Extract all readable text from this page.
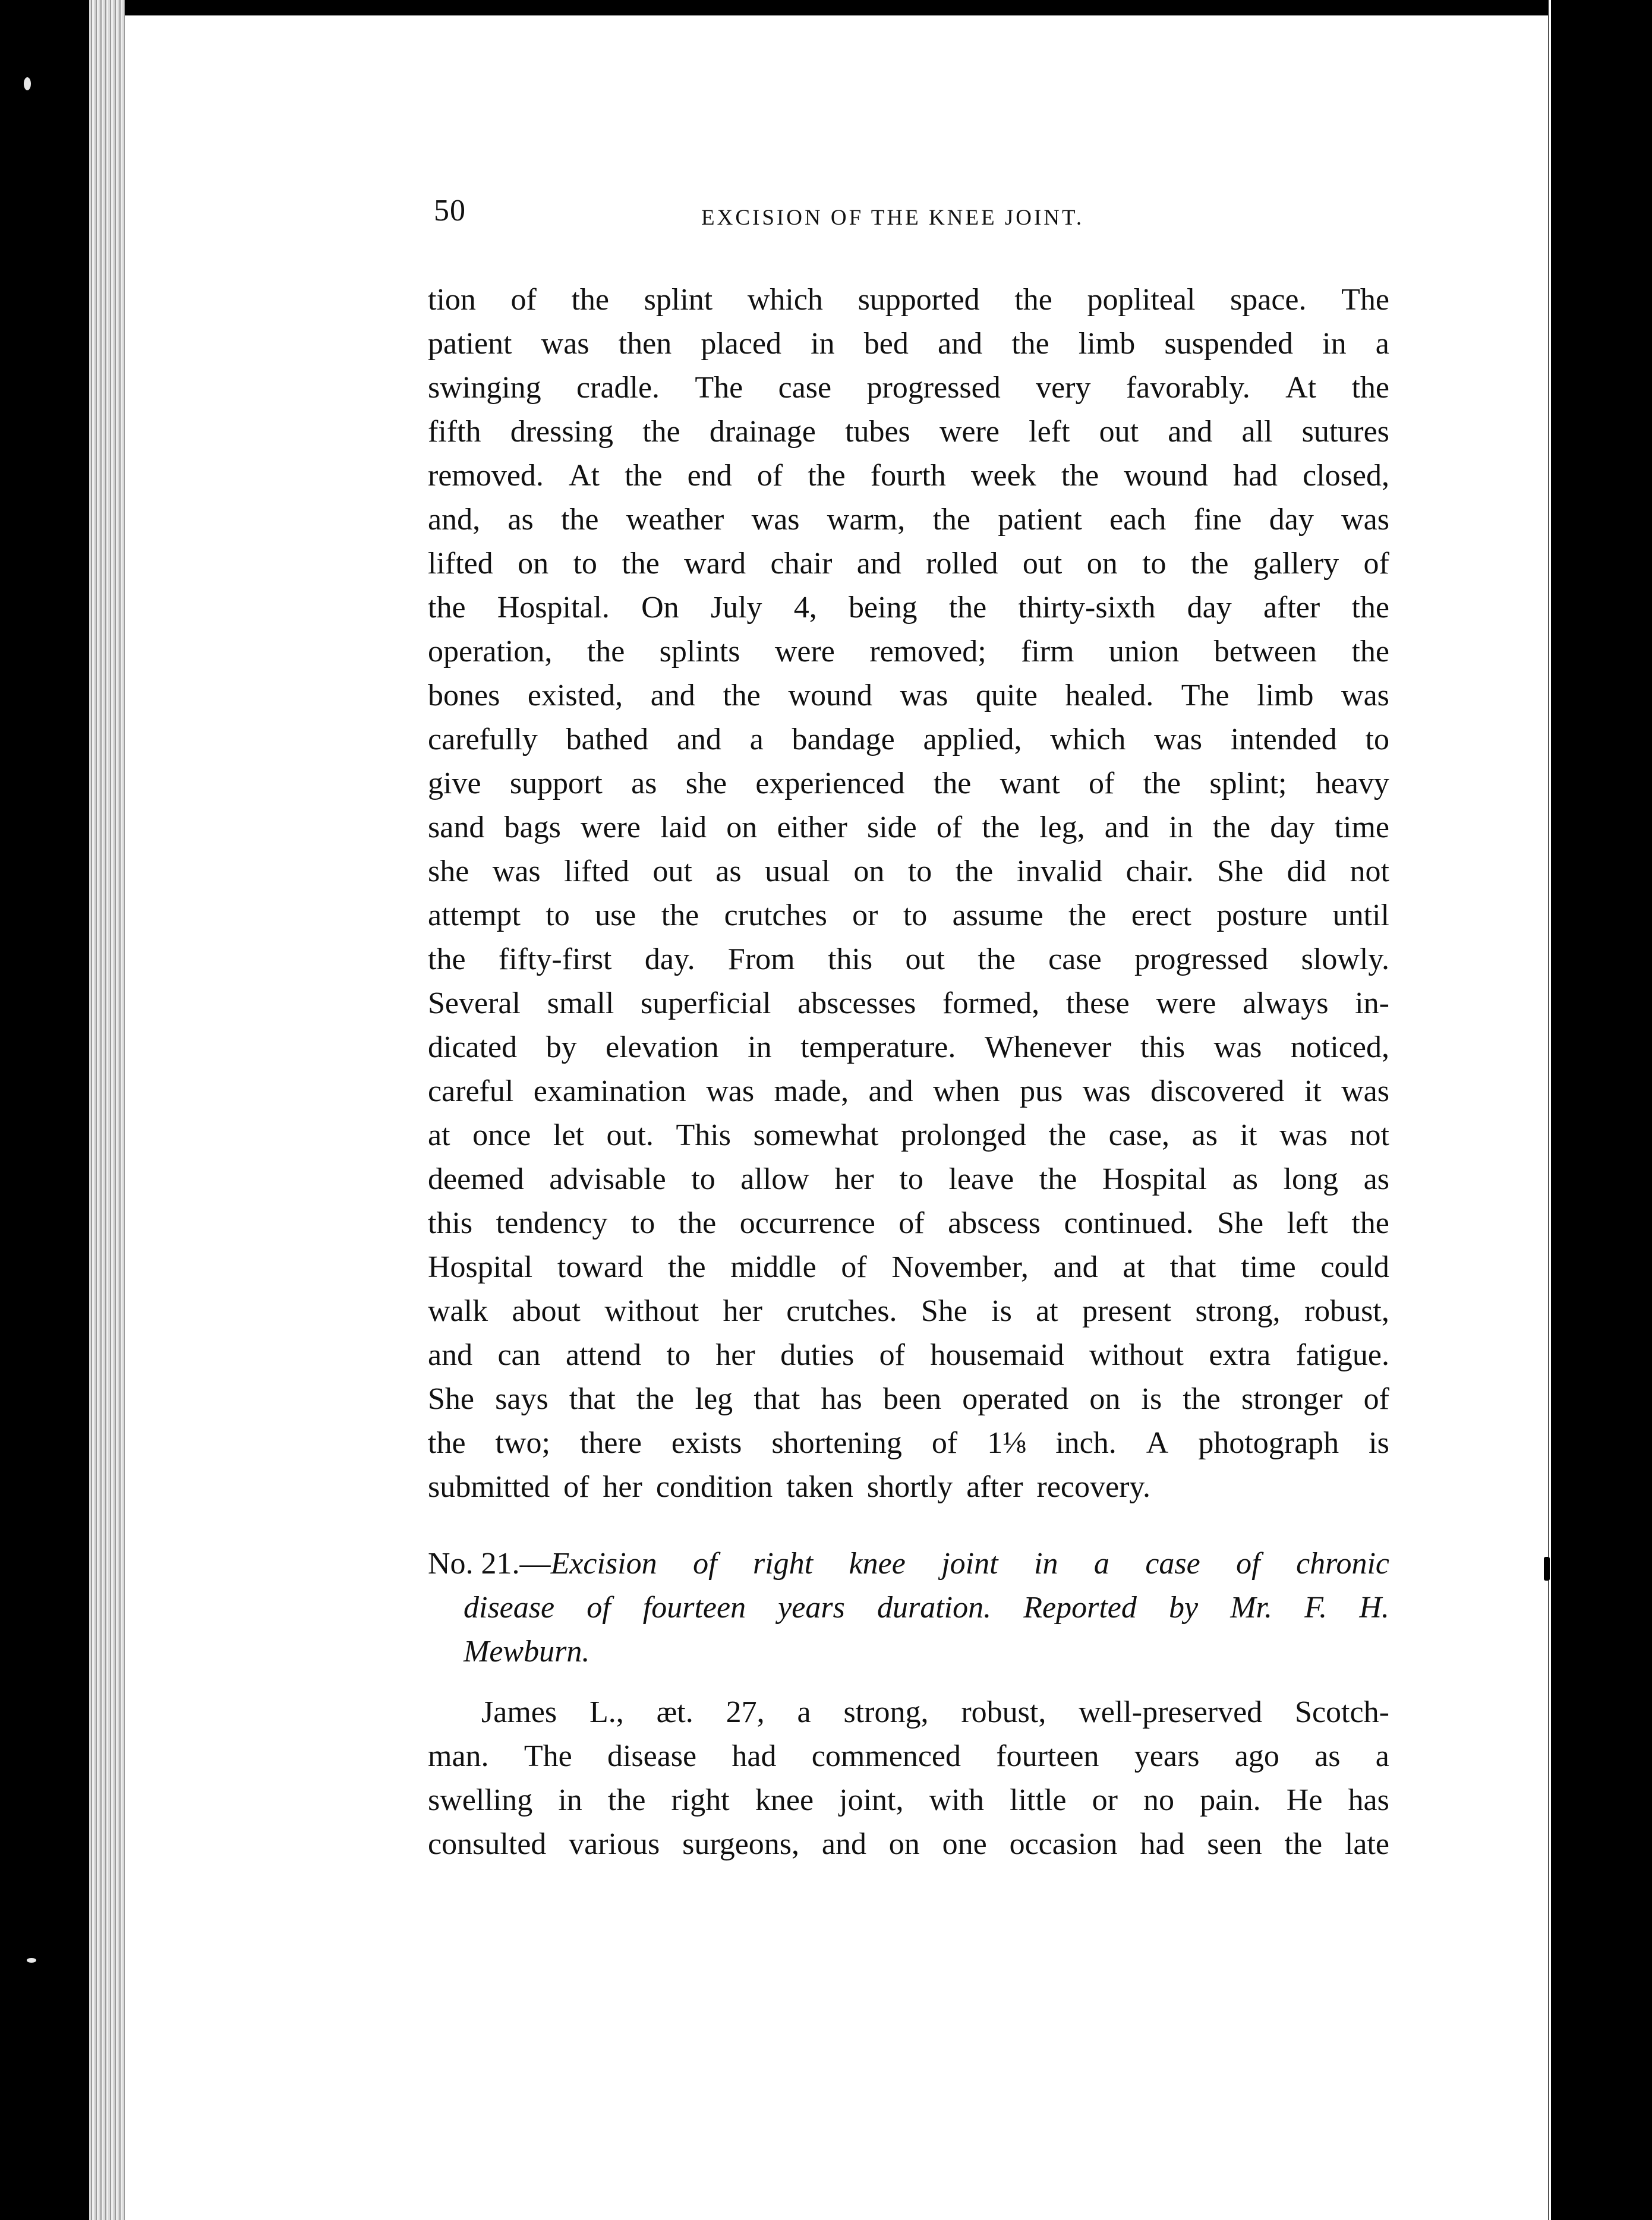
50	EXCISION OF THE KNEE JOINT.
tion of the splint which supported the popliteal space. The
patient was then placed in bed and the limb suspended in a
swinging cradle. The case progressed very favorably. At the
fifth dressing the drainage tubes were left out and all sutures
removed. At the end of the fourth week the wound had closed,
and, as the weather was warm, the patient each fine day was
lifted on to the ward chair and rolled out on to the gallery of
the Hospital. On July 4, being the thirty-sixth day after the
operation, the splints were removed; firm union between the
bones existed, and the wound was quite healed. The limb was
carefully bathed and a bandage applied, which was intended to
give support as she experienced the want of the splint; heavy
sand bags were laid on either side of the leg, and in the day time
she was lifted out as usual on to the invalid chair. She did not
attempt to use the crutches or to assume the erect posture until
the fifty-first day. From this out the case progressed slowly.
Several small superficial abscesses formed, these were always in-
dicated by elevation in temperature. Whenever this was noticed,
careful examination was made, and when pus was discovered it was
at once let out. This somewhat prolonged the case, as it was not
deemed advisable to allow her to leave the Hospital as long as
this tendency to the occurrence of abscess continued. She left the
Hospital toward the middle of November, and at that time could
walk about without her crutches. She is at present strong, robust,
and can attend to her duties of housemaid without extra fatigue.
She says that the leg that has been operated on is the stronger of
the two; there exists shortening of 1⅛ inch. A photograph is
submitted of her condition taken shortly after recovery.
No. 21.— Excision of right knee joint in a case of chronic
disease of fourteen years duration. Reported by Mr. F. H.
Mewburn.
James L., æt. 27, a strong, robust, well-preserved Scotch-
man. The disease had commenced fourteen years ago as a
swelling in the right knee joint, with little or no pain. He has
consulted various surgeons, and on one occasion had seen the late
